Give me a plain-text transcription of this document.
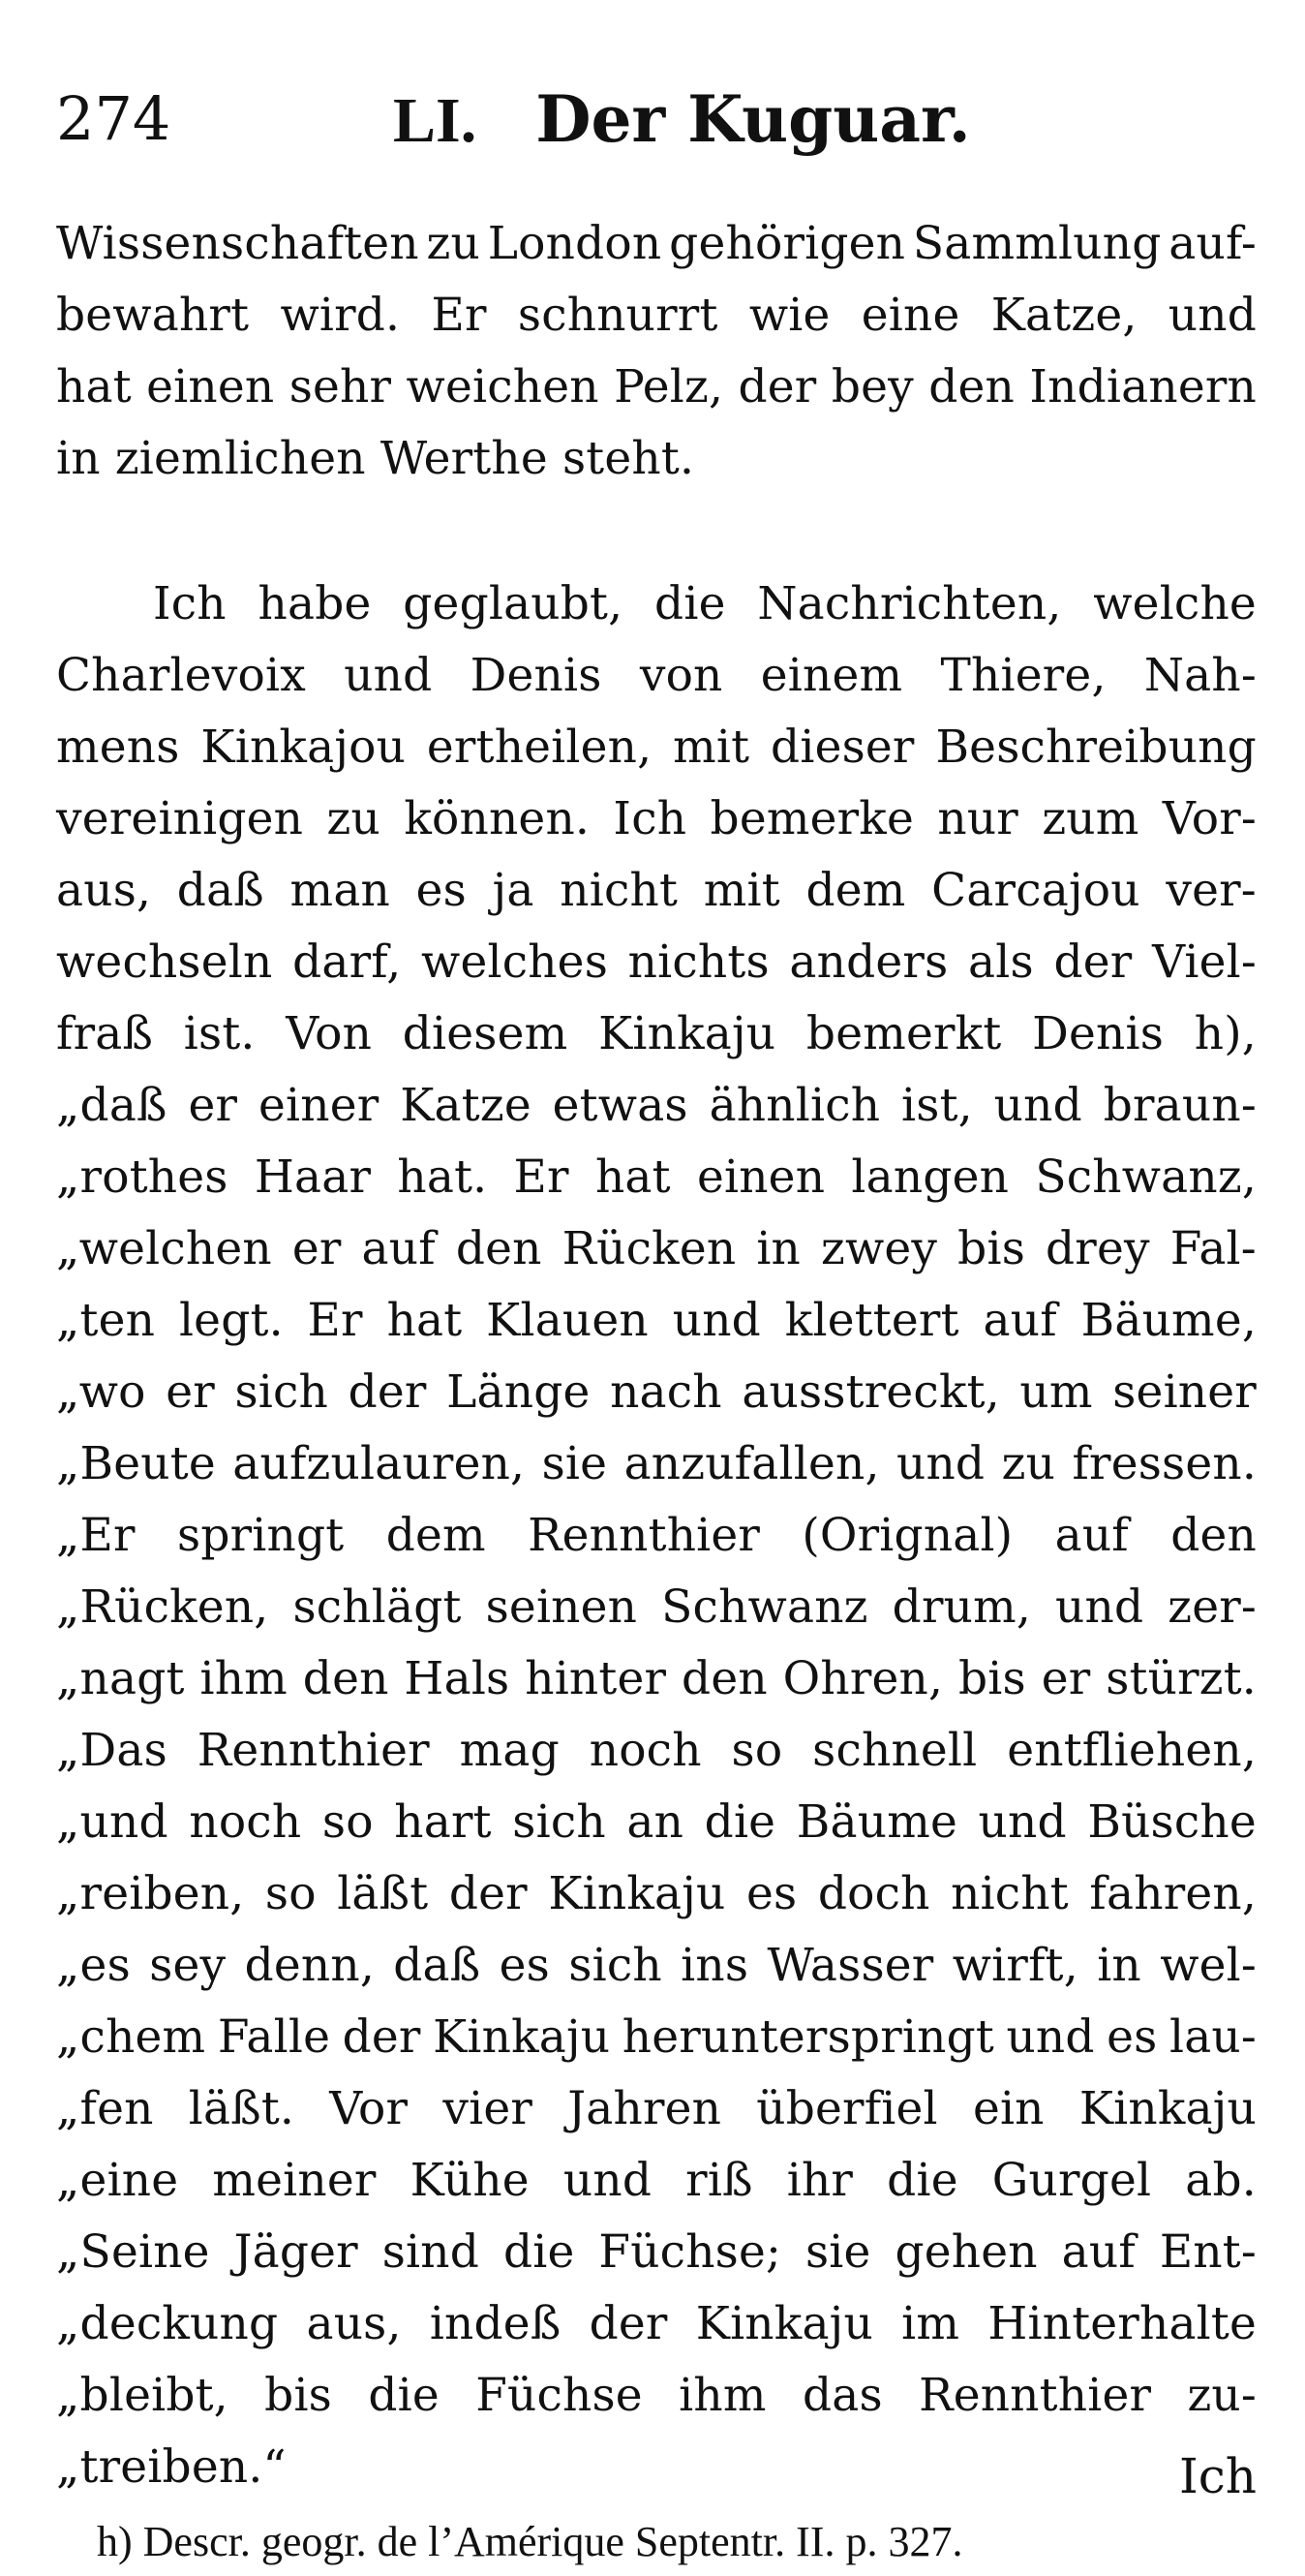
274	LI. Der Kuguar.
Wissenschaften zu London gehörigen Sammlung auf-
bewahrt wird. Er schnurrt wie eine Katze, und
hat einen sehr weichen Pelz, der bey den Indianern
in ziemlichen Werthe steht.
Ich habe geglaubt, die Nachrichten, welche
Charlevoix und Denis von einem Thiere, Nah-
mens Kinkajou ertheilen, mit dieser Beschreibung
vereinigen zu können. Ich bemerke nur zum Vor-
aus, daß man es ja nicht mit dem Carcajou ver-
wechseln darf, welches nichts anders als der Viel-
fraß ist. Von diesem Kinkaju bemerkt Denis h),
„daß er einer Katze etwas ähnlich ist, und braun-
„rothes Haar hat. Er hat einen langen Schwanz,
„welchen er auf den Rücken in zwey bis drey Fal-
„ten legt. Er hat Klauen und klettert auf Bäume,
„wo er sich der Länge nach ausstreckt, um seiner
„Beute aufzulauren, sie anzufallen, und zu fressen.
„Er springt dem Rennthier (Orignal) auf den
„Rücken, schlägt seinen Schwanz drum, und zer-
„nagt ihm den Hals hinter den Ohren, bis er stürzt.
„Das Rennthier mag noch so schnell entfliehen,
„und noch so hart sich an die Bäume und Büsche
„reiben, so läßt der Kinkaju es doch nicht fahren,
„es sey denn, daß es sich ins Wasser wirft, in wel-
„chem Falle der Kinkaju herunterspringt und es lau-
„fen läßt. Vor vier Jahren überfiel ein Kinkaju
„eine meiner Kühe und riß ihr die Gurgel ab.
„Seine Jäger sind die Füchse; sie gehen auf Ent-
„deckung aus, indeß der Kinkaju im Hinterhalte
„bleibt, bis die Füchse ihm das Rennthier zu-
„treiben.“	Ich
h) Descr. geogr. de l’Amérique Septentr. II. p. 327.
